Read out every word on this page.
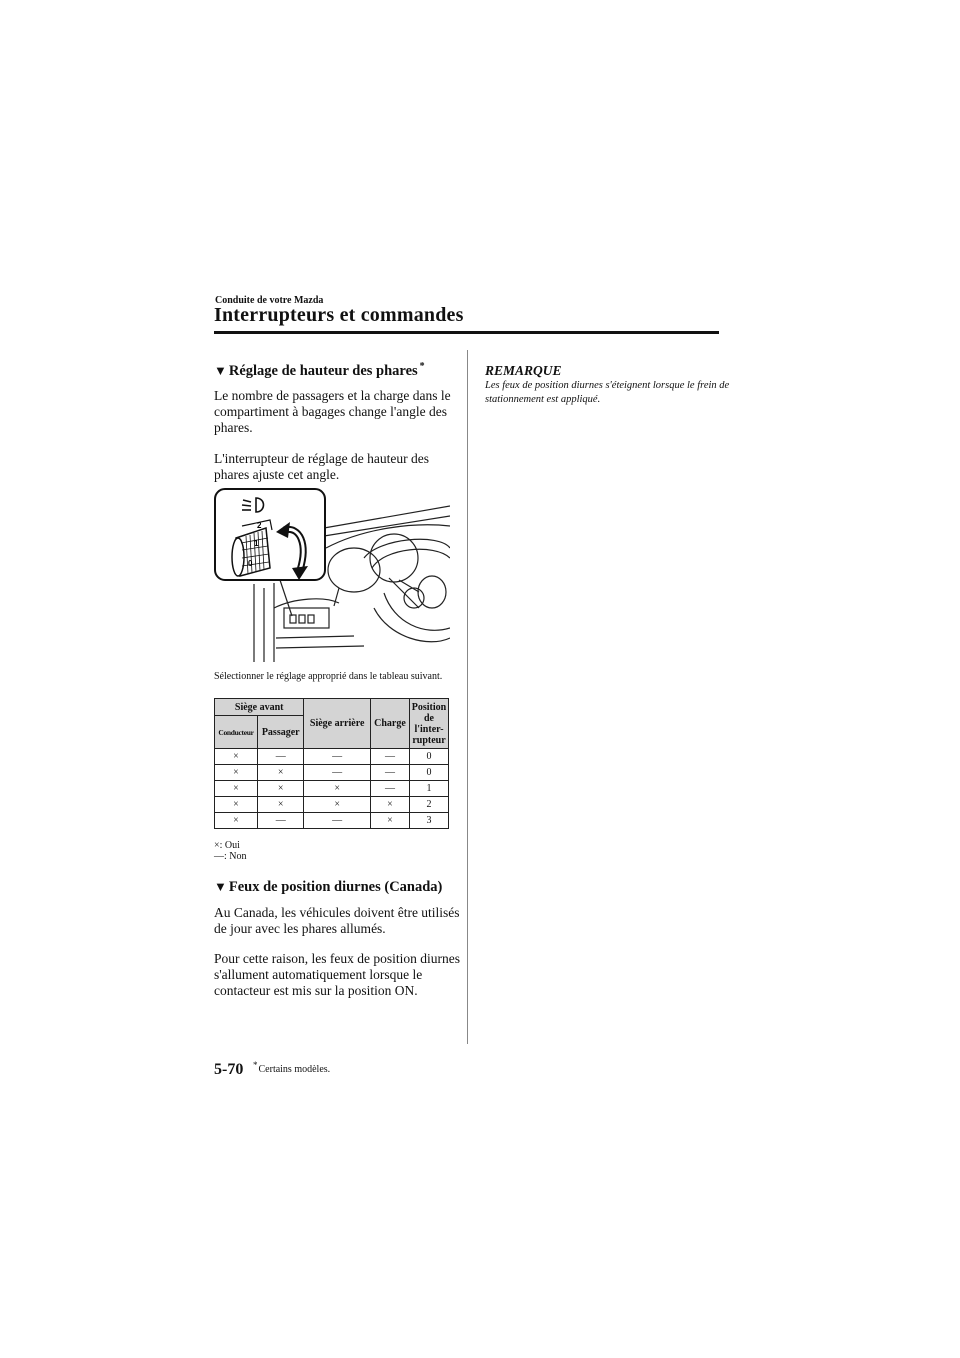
Conduite de votre Mazda
Interrupteurs et commandes
▼ Réglage de hauteur des phares *

Le nombre de passagers et la charge dans le compartiment à bagages change l'angle des phares.

L'interrupteur de réglage de hauteur des phares ajuste cet angle.

2
1
0
Sélectionner le réglage approprié dans le tableau suivant.
Siège avant		Siège arrière	Charge	Position de l'inter-rupteur
Conducteur	Passager			
×	—	—	—	0
×	×	—	—	0
×	×	×	—	1
×	×	×	×	2
×	—	—	×	3
×: Oui
—: Non
▼ Feux de position diurnes (Canada)

Au Canada, les véhicules doivent être utilisés de jour avec les phares allumés.

Pour cette raison, les feux de position diurnes s'allument automatiquement lorsque le contacteur est mis sur la position ON.

REMARQUE
Les feux de position diurnes s'éteignent lorsque le frein de stationnement est appliqué.
5-70 *Certains modèles.
